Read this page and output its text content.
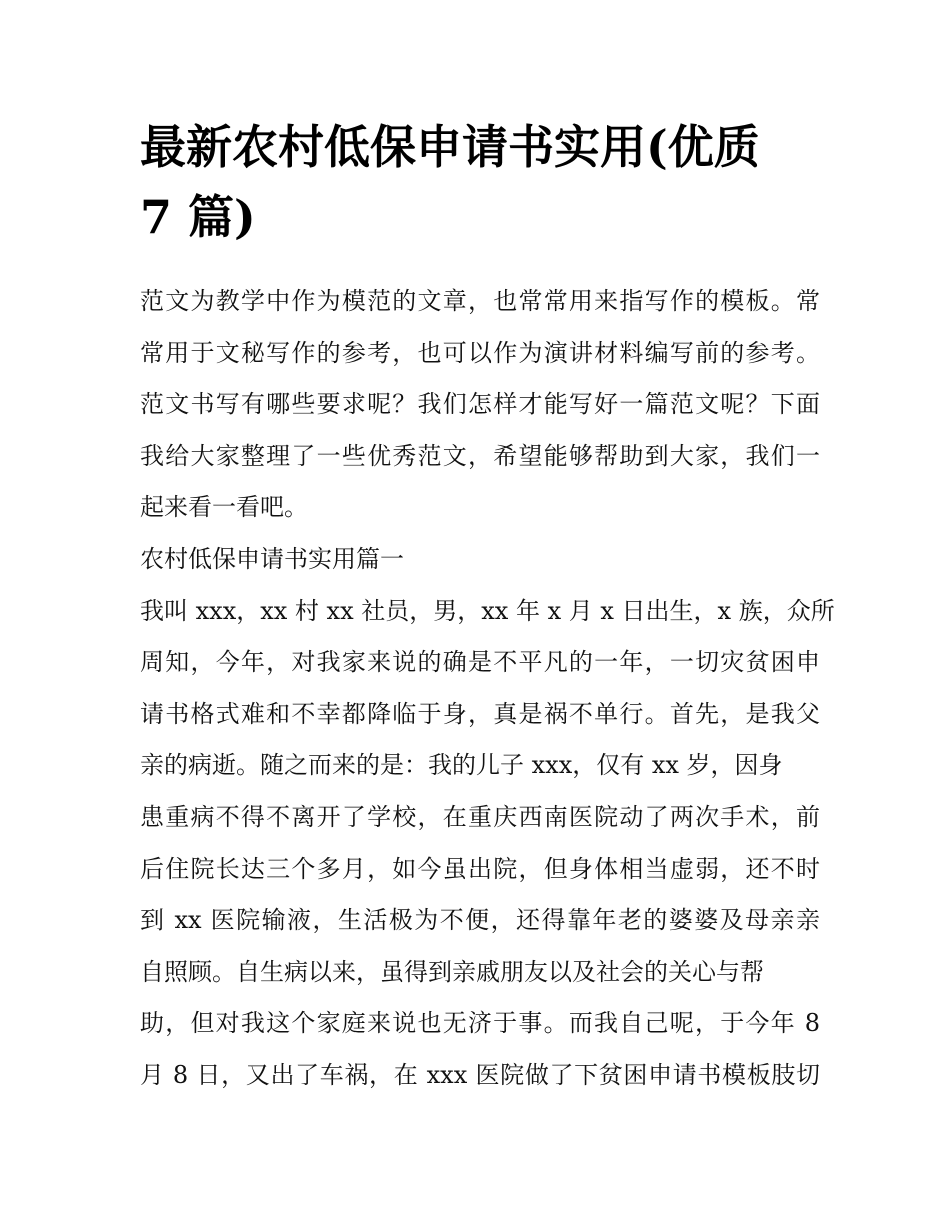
最新农村低保申请书实用(优质
7 篇)
范文为教学中作为模范的文章，也常常用来指写作的模板。常
常用于文秘写作的参考，也可以作为演讲材料编写前的参考。
范文书写有哪些要求呢？我们怎样才能写好一篇范文呢？下面
我给大家整理了一些优秀范文，希望能够帮助到大家，我们一
起来看一看吧。
农村低保申请书实用篇一
我叫 xxx，xx 村 xx 社员，男，xx 年 x 月 x 日出生，x 族，众所
周知，今年，对我家来说的确是不平凡的一年，一切灾贫困申
请书格式难和不幸都降临于身，真是祸不单行。首先，是我父
亲的病逝。随之而来的是：我的儿子 xxx，仅有 xx 岁，因身
患重病不得不离开了学校，在重庆西南医院动了两次手术，前
后住院长达三个多月，如今虽出院，但身体相当虚弱，还不时
到 xx 医院输液，生活极为不便，还得靠年老的婆婆及母亲亲
自照顾。自生病以来，虽得到亲戚朋友以及社会的关心与帮
助，但对我这个家庭来说也无济于事。而我自己呢，于今年 8
月 8 日，又出了车祸，在 xxx 医院做了下贫困申请书模板肢切
